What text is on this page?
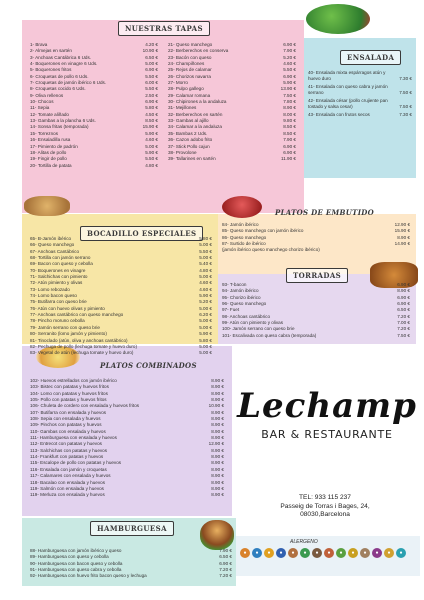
NUESTRAS TAPAS
ENSALADA
BOCADILLO ESPECIALES
PLATOS DE EMBUTIDO
TORRADAS
PLATOS COMBINADOS
HAMBURGUESA
1- Brava	4.20 €
2- Almejas en sartén	10.90 €
3- Anchoas Cantábrica 6 Uds.	6.50 €
4- Boquerones en vinagre 6 Uds.	5.00 €
5- Boquerones fritos	6.90 €
6- Croquetas de pollo 6 Uds.	5.50 €
7- Croquetas de jamón ibérico 6 Uds.	6.00 €
8- Croquetas cocido 6 Uds.	5.50 €
9- Oliva rellenos	2.50 €
10- Chocos	6.90 €
11- Sepia	5.80 €
12- Tomate aliñado	4.50 €
13- Gambas a la plancha 6 Uds.	8.50 €
14- Sonsa fritas (temporada)	15.90 €
15- Torreznos	5.90 €
16- Ensaladilla rusa	4.60 €
17- Pimiento de padrón	5.00 €
18- Alitas de pollo	5.90 €
19- Fingir de pollo	5.50 €
20- Tortilla de patata	4.80 €
21- Queso manchego	6.90 €
22- Berberechos en conserva	7.90 €
23- Bacón con queso	5.20 €
24- Champiñones	4.60 €
25- Rejos de calamar	5.50 €
26- Chorizos navarra	6.90 €
27- Morro	5.90 €
28- Pulpo gallego	13.90 €
29- Calamar romana	7.50 €
30- Chipirones a la andaluza	7.80 €
31- Mejillones	8.90 €
32- Berberechos en sartén	8.00 €
33- Gambas al ajillo	9.80 €
34- Calamar a la andaluza	8.50 €
35- Bambas 2 Uds.	8.50 €
36- Cazon adobo frito	7.90 €
37- Stick Pollo cajun	6.90 €
38- Provolone	6.90 €
39- Tallarines en sartén	11.90 €
40- Ensalada mixta espárragos atún y huevo duro	7.30 €
41- Ensalada con queso cabra y jamón serrano	7.50 €
42- Ensalada césar (pollo crujiente pan tostado y salsa cesar)	7.50 €
43- Ensalada con frutos secos	7.30 €
65- B-Jamón ibérico	5.80 €
66- Queso manchego	5.00 €
67- Anchoas Cantábrico	5.50 €
68- Tortilla con jamón serrano	5.00 €
69- Bacon con queso y cebolla	5.40 €
70- Boquerones en vinagre	4.80 €
71- Salchichas con pimiento	5.00 €
72- Atún pimiento y olivas	4.60 €
73- Lomo rebozado	4.60 €
74- Lomo bacon queso	5.90 €
75- Butifarra con queso brie	5.20 €
76- Atún con huevo olivas y pimiento	5.00 €
77- Anchoas cantábrico con queso manchego	6.20 €
78- Pincho moruno cebolla	5.00 €
79- Jamón serrano con queso brie	5.00 €
80- Serranito (lomo jamón y pimiento)	5.90 €
81- Tinoclado (atún, oliva y anchoas cantábrico)	5.80 €
82- Pechuga de pollo (lechuga tomate y huevo duro)	5.00 €
83- Vegetal de atún (lechuga tomate y huevo duro)	5.00 €
84- Jamón ibérico	12.90 €
85- Queso manchego con jamón ibérico	15.90 €
86- Queso manchego	8.90 €
87- Surtido de ibérico	14.90 €
(jamón ibérico queso manchego chorizo ibérico)
93- T-bacon	6.90 €
94- Jamón ibérico	8.90 €
95- Chorizo ibérico	6.90 €
96- Queso manchego	6.90 €
97- Fuet	6.50 €
98- Anchoas cantábrico	7.20 €
99- Atún con pimiento y olivas	7.00 €
100- Jamón serrano con queso brie	7.20 €
101- Escalivada con queso cabra (temporada)	7.50 €
102- Huevos estrellados con jamón ibérico	8.90 €
103- Bistec con patatas y huevos fritos	8.90 €
104- Lomo con patatas y huevos fritos	8.90 €
105- Pollo con patatas y huevos fritos	8.90 €
106- Chuleta de cordero con ensalada y huevos fritos	10.90 €
107- Butifarra con ensalada y huevos	8.90 €
108- Sepia con ensalada y huevos	8.90 €
109- Pinchos con patatas y huevos	8.90 €
110- Gambas con ensalada y huevos	8.90 €
111- Hamburguesa con ensalada y huevos	8.90 €
112- Entrecot con patatas y huevos	12.90 €
113- Salchichas con patatas y huevos	8.90 €
114- Frankfurt con patatas y huevos	8.90 €
115- Escalope de pollo con patatas y huevos	8.90 €
116- Ensalada con jamón y croquetas	8.90 €
117- Calamares con ensalada y huevos	8.90 €
118- Bacalao con ensalada y huevos	8.90 €
119- Salmón con ensalada y huevos	8.90 €
119- Merluza con ensalada y huevos	8.90 €
88- Hamburguesa con jamón ibérico y queso	7.90 €
89- Hamburguesa con queso y cebolla	6.50 €
90- Hamburguesa con bacon queso y cebolla	6.90 €
91- Hamburguesa con queso cabra y cebolla	7.20 €
92- Hamburguesa con huevo frito bacon queso y lechuga	7.20 €
Lechamp
BAR & RESTAURANTE
TEL: 933 115 237
Passeig de Torras i Bages, 24,
08030,Barcelona
ALERGENO
●	●	●	●	●	●	●	●	●	●	●	●	●	●
